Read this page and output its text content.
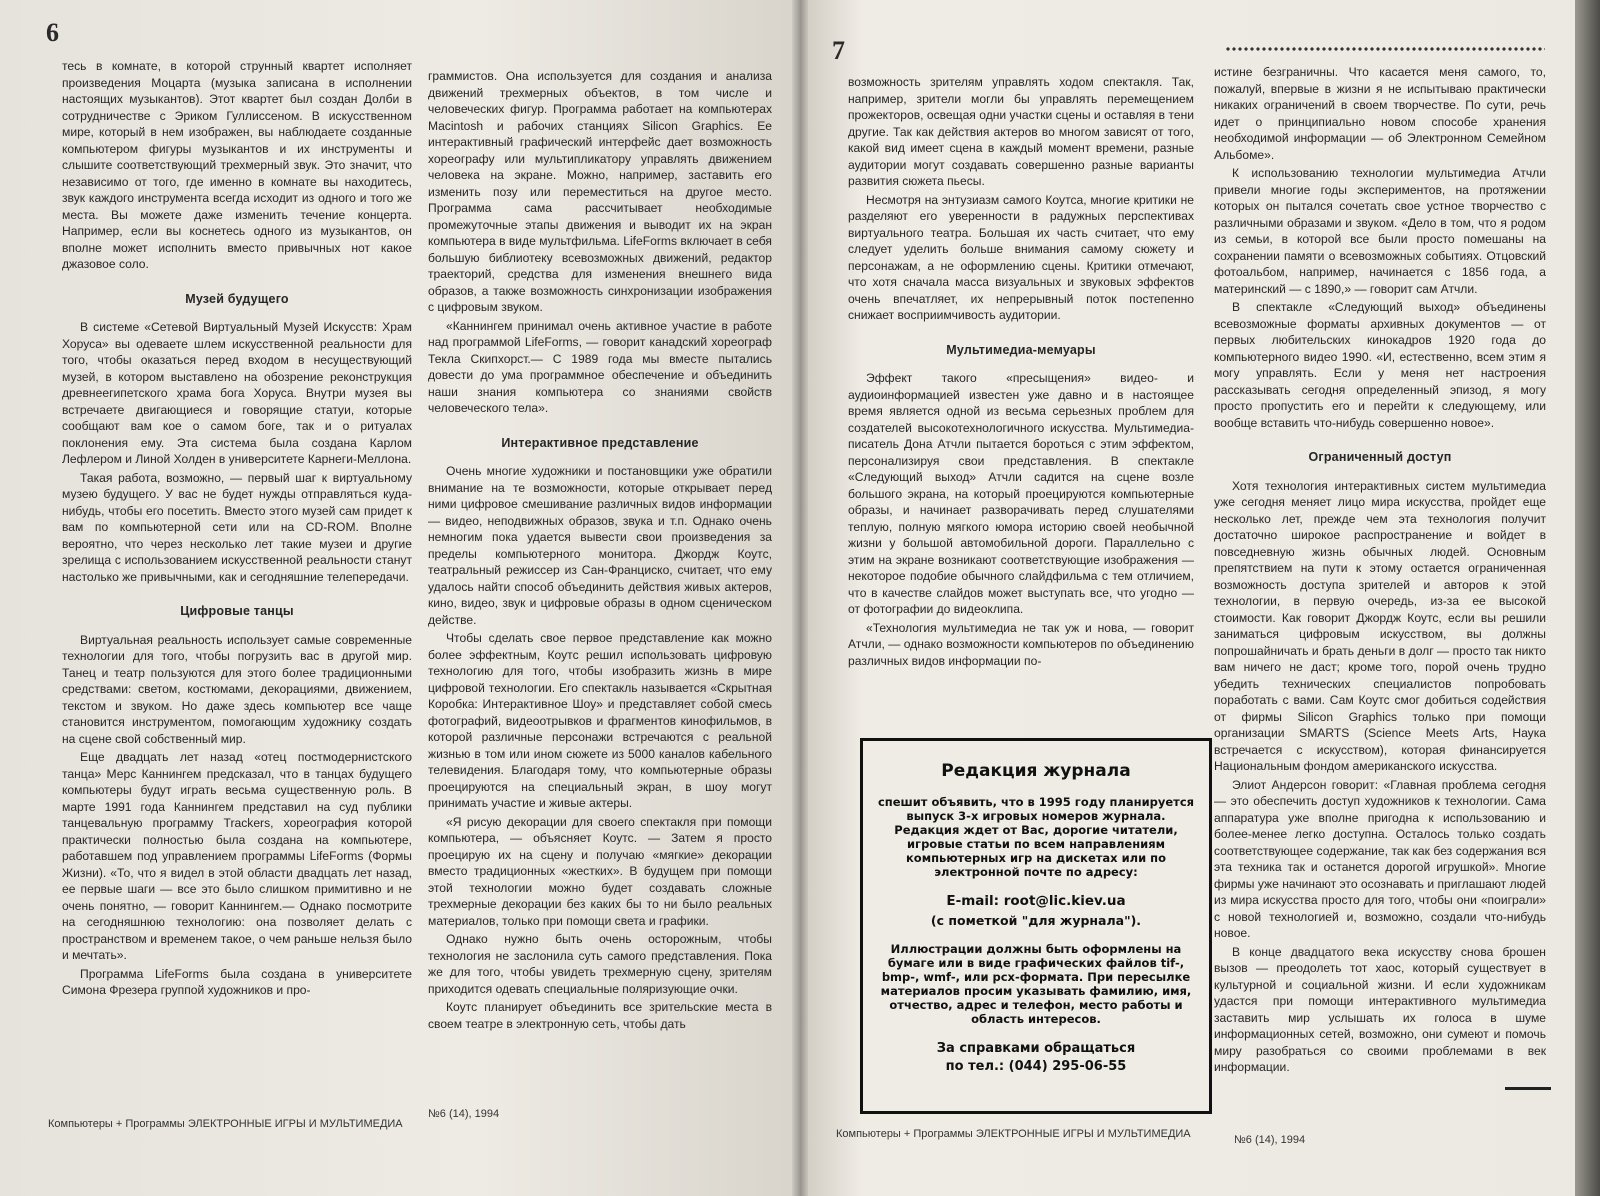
6

тесь в комнате, в которой струнный квартет исполняет произведения Моцарта (музыка записана в исполнении настоящих музыкантов). Этот квартет был создан Долби в сотрудничестве с Эриком Гуллиссеном. В искусственном мире, который в нем изображен, вы наблюдаете созданные компьютером фигуры музыкантов и их инструменты и слышите соответствующий трехмерный звук. Это значит, что независимо от того, где именно в комнате вы находитесь, звук каждого инструмента всегда исходит из одного и того же места. Вы можете даже изменить течение концерта. Например, если вы коснетесь одного из музыкантов, он вполне может исполнить вместо привычных нот какое джазовое соло.

Музей будущего

В системе «Сетевой Виртуальный Музей Искусств: Храм Хоруса» вы одеваете шлем искусственной реальности для того, чтобы оказаться перед входом в несуществующий музей, в котором выставлено на обозрение реконструкция древнеегипетского храма бога Хоруса. Внутри музея вы встречаете двигающиеся и говорящие статуи, которые сообщают вам кое о самом боге, так и о ритуалах поклонения ему. Эта система была создана Карлом Лефлером и Линой Холден в университете Карнеги-Меллона.

Такая работа, возможно, — первый шаг к виртуальному музею будущего. У вас не будет нужды отправляться куда-нибудь, чтобы его посетить. Вместо этого музей сам придет к вам по компьютерной сети или на CD-ROM. Вполне вероятно, что через несколько лет такие музеи и другие зрелища с использованием искусственной реальности станут настолько же привычными, как и сегодняшние телепередачи.

Цифровые танцы

Виртуальная реальность использует самые современные технологии для того, чтобы погрузить вас в другой мир. Танец и театр пользуются для этого более традиционными средствами: светом, костюмами, декорациями, движением, текстом и звуком. Но даже здесь компьютер все чаще становится инструментом, помогающим художнику создать на сцене свой собственный мир.

Еще двадцать лет назад «отец постмодернистского танца» Мерс Каннингем предсказал, что в танцах будущего компьютеры будут играть весьма существенную роль. В марте 1991 года Каннингем представил на суд публики танцевальную программу Trackers, хореография которой практически полностью была создана на компьютере, работавшем под управлением программы LifeForms (Формы Жизни). «То, что я видел в этой области двадцать лет назад, ее первые шаги — все это было слишком примитивно и не очень понятно, — говорит Каннингем.— Однако посмотрите на сегодняшнюю технологию: она позволяет делать с пространством и временем такое, о чем раньше нельзя было и мечтать».

Программа LifeForms была создана в университете Симона Фрезера группой художников и про-

граммистов. Она используется для создания и анализа движений трехмерных объектов, в том числе и человеческих фигур. Программа работает на компьютерах Macintosh и рабочих станциях Silicon Graphics. Ее интерактивный графический интерфейс дает возможность хореографу или мультипликатору управлять движением человека на экране. Можно, например, заставить его изменить позу или переместиться на другое место. Программа сама рассчитывает необходимые промежуточные этапы движения и выводит их на экран компьютера в виде мультфильма. LifeForms включает в себя большую библиотеку всевозможных движений, редактор траекторий, средства для изменения внешнего вида образов, а также возможность синхронизации изображения с цифровым звуком.

«Каннингем принимал очень активное участие в работе над программой LifeForms, — говорит канадский хореограф Текла Скипхорст.— С 1989 года мы вместе пытались довести до ума программное обеспечение и объединить наши знания компьютера со знаниями свойств человеческого тела».

Интерактивное представление

Очень многие художники и постановщики уже обратили внимание на те возможности, которые открывает перед ними цифровое смешивание различных видов информации — видео, неподвижных образов, звука и т.п. Однако очень немногим пока удается вывести свои произведения за пределы компьютерного монитора. Джордж Коутс, театральный режиссер из Сан-Франциско, считает, что ему удалось найти способ объединить действия живых актеров, кино, видео, звук и цифровые образы в одном сценическом действе.

Чтобы сделать свое первое представление как можно более эффектным, Коутс решил использовать цифровую технологию для того, чтобы изобразить жизнь в мире цифровой технологии. Его спектакль называется «Скрытная Коробка: Интерактивное Шоу» и представляет собой смесь фотографий, видеоотрывков и фрагментов кинофильмов, в которой различные персонажи встречаются с реальной жизнью в том или ином сюжете из 5000 каналов кабельного телевидения. Благодаря тому, что компьютерные образы проецируются на специальный экран, в шоу могут принимать участие и живые актеры.

«Я рисую декорации для своего спектакля при помощи компьютера, — объясняет Коутс. — Затем я просто проецирую их на сцену и получаю «мягкие» декорации вместо традиционных «жестких». В будущем при помощи этой технологии можно будет создавать сложные трехмерные декорации без каких бы то ни было реальных материалов, только при помощи света и графики.

Однако нужно быть очень осторожным, чтобы технология не заслонила суть самого представления. Пока же для того, чтобы увидеть трехмерную сцену, зрителям приходится одевать специальные поляризующие очки.

Коутс планирует объединить все зрительские места в своем театре в электронную сеть, чтобы дать

Компьютеры + Программы ЭЛЕКТРОННЫЕ ИГРЫ И МУЛЬТИМЕДИА
№6 (14), 1994
7

возможность зрителям управлять ходом спектакля. Так, например, зрители могли бы управлять перемещением прожекторов, освещая одни участки сцены и оставляя в тени другие. Так как действия актеров во многом зависят от того, какой вид имеет сцена в каждый момент времени, разные аудитории могут создавать совершенно разные варианты развития сюжета пьесы.

Несмотря на энтузиазм самого Коутса, многие критики не разделяют его уверенности в радужных перспективах виртуального театра. Большая их часть считает, что ему следует уделить больше внимания самому сюжету и персонажам, а не оформлению сцены. Критики отмечают, что хотя сначала масса визуальных и звуковых эффектов очень впечатляет, их непрерывный поток постепенно снижает восприимчивость аудитории.

Мультимедиа-мемуары

Эффект такого «пресыщения» видео- и аудиоинформацией известен уже давно и в настоящее время является одной из весьма серьезных проблем для создателей высокотехнологичного искусства. Мультимедиа-писатель Дона Атчли пытается бороться с этим эффектом, персонализируя свои представления. В спектакле «Следующий выход» Атчли садится на сцене возле большого экрана, на который проецируются компьютерные образы, и начинает разворачивать перед слушателями теплую, полную мягкого юмора историю своей необычной жизни у большой автомобильной дороги. Параллельно с этим на экране возникают соответствующие изображения — некоторое подобие обычного слайдфильма с тем отличием, что в качестве слайдов может выступать все, что угодно — от фотографии до видеоклипа.

«Технология мультимедиа не так уж и нова, — говорит Атчли, — однако возможности компьютеров по объединению различных видов информации по-

Редакция журнала
спешит объявить, что в 1995 году планируется выпуск 3-х игровых номеров журнала. Редакция ждет от Вас, дорогие читатели, игровые статьи по всем направлениям компьютерных игр на дискетах или по электронной почте по адресу:
E-mail: root@lic.kiev.ua
(с пометкой "для журнала").
Иллюстрации должны быть оформлены на бумаге или в виде графических файлов tif-, bmp-, wmf-, или pcx-формата. При пересылке материалов просим указывать фамилию, имя, отчество, адрес и телефон, место работы и область интересов.
За справками обращаться
по тел.: (044) 295-06-55

истине безграничны. Что касается меня самого, то, пожалуй, впервые в жизни я не испытываю практически никаких ограничений в своем творчестве. По сути, речь идет о принципиально новом способе хранения необходимой информации — об Электронном Семейном Альбоме».

К использованию технологии мультимедиа Атчли привели многие годы экспериментов, на протяжении которых он пытался сочетать свое устное творчество с различными образами и звуком. «Дело в том, что я родом из семьи, в которой все были просто помешаны на сохранении памяти о всевозможных событиях. Отцовский фотоальбом, например, начинается с 1856 года, а материнский — с 1890,» — говорит сам Атчли.

В спектакле «Следующий выход» объединены всевозможные форматы архивных документов — от первых любительских кинокадров 1920 года до компьютерного видео 1990. «И, естественно, всем этим я могу управлять. Если у меня нет настроения рассказывать сегодня определенный эпизод, я могу просто пропустить его и перейти к следующему, или вообще вставить что-нибудь совершенно новое».

Ограниченный доступ

Хотя технология интерактивных систем мультимедиа уже сегодня меняет лицо мира искусства, пройдет еще несколько лет, прежде чем эта технология получит достаточно широкое распространение и войдет в повседневную жизнь обычных людей. Основным препятствием на пути к этому остается ограниченная возможность доступа зрителей и авторов к этой технологии, в первую очередь, из-за ее высокой стоимости. Как говорит Джордж Коутс, если вы решили заниматься цифровым искусством, вы должны попрошайничать и брать деньги в долг — просто так никто вам ничего не даст; кроме того, порой очень трудно убедить технических специалистов попробовать поработать с вами. Сам Коутс смог добиться содействия от фирмы Silicon Graphics только при помощи организации SMARTS (Science Meets Arts, Наука встречается с искусством), которая финансируется Национальным фондом американского искусства.

Элиот Андерсон говорит: «Главная проблема сегодня — это обеспечить доступ художников к технологии. Сама аппаратура уже вполне пригодна к использованию и более-менее легко доступна. Осталось только создать соответствующее содержание, так как без содержания вся эта техника так и останется дорогой игрушкой». Многие фирмы уже начинают это осознавать и приглашают людей из мира искусства просто для того, чтобы они «поиграли» с новой технологией и, возможно, создали что-нибудь новое.

В конце двадцатого века искусству снова брошен вызов — преодолеть тот хаос, который существует в культурной и социальной жизни. И если художникам удастся при помощи интерактивного мультимедиа заставить мир услышать их голоса в шуме информационных сетей, возможно, они сумеют и помочь миру разобраться со своими проблемами в век информации.

Компьютеры + Программы ЭЛЕКТРОННЫЕ ИГРЫ И МУЛЬТИМЕДИА	№6 (14), 1994
